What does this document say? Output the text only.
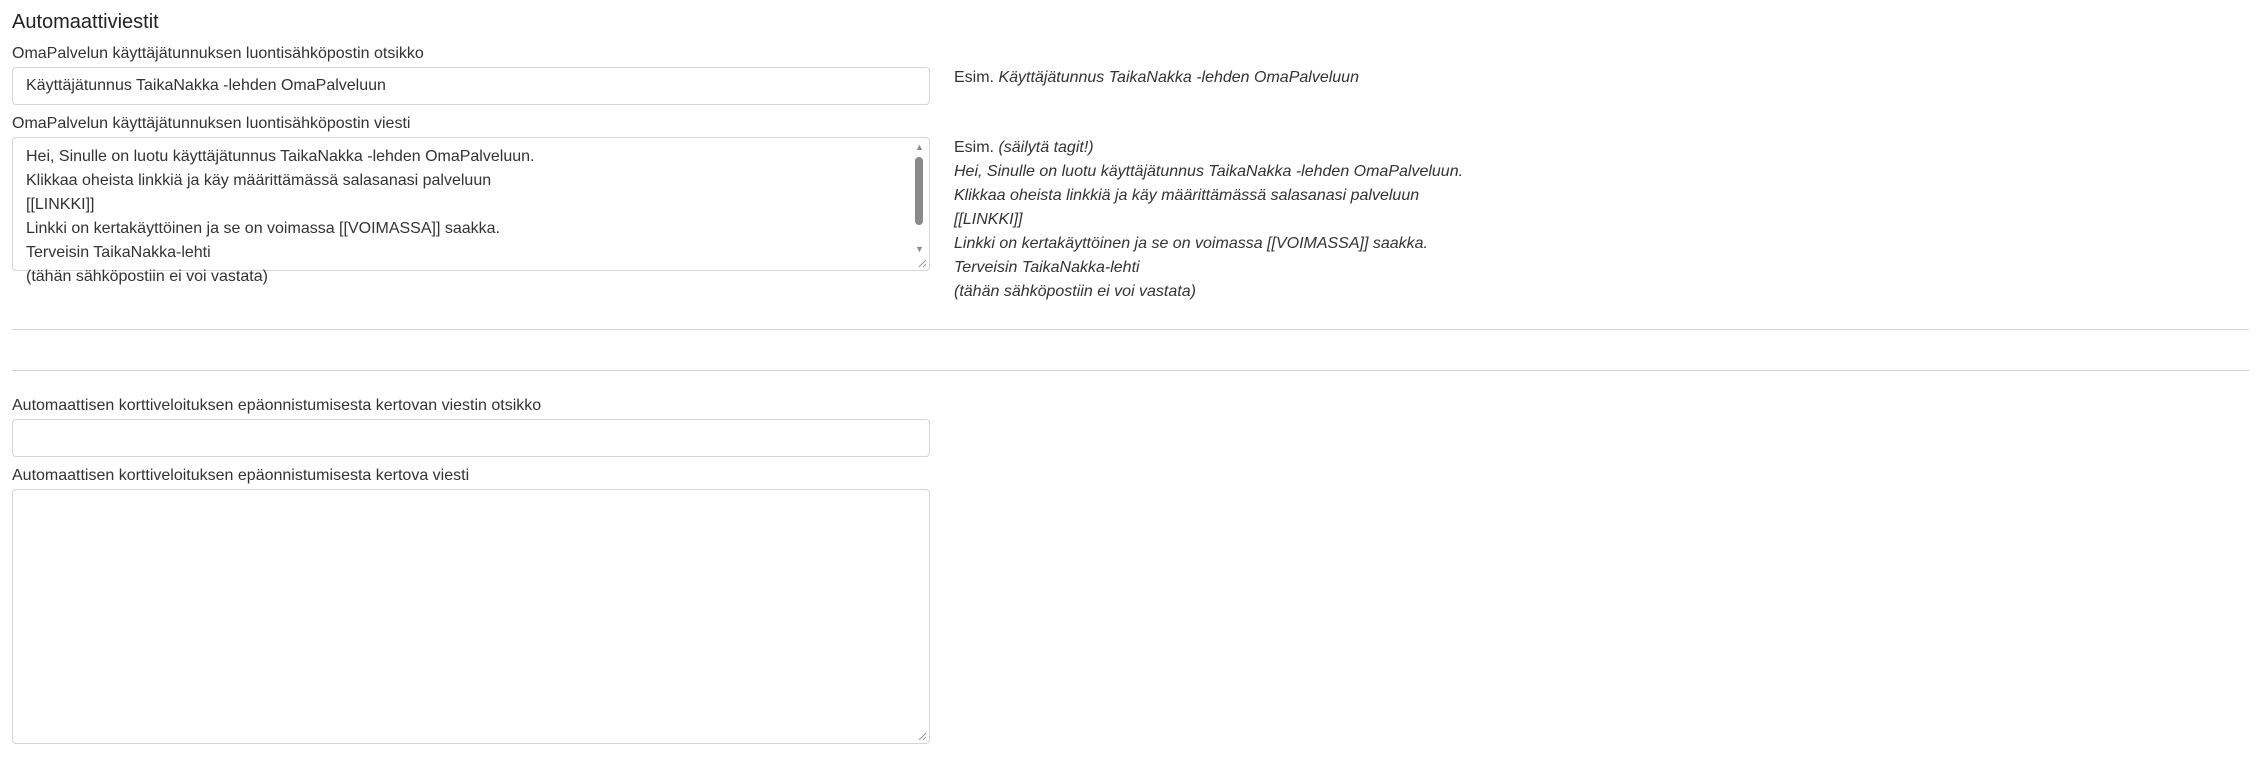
Automaattiviestit
OmaPalvelun käyttäjätunnuksen luontisähköpostin otsikko
Käyttäjätunnus TaikaNakka -lehden OmaPalveluun	Esim. Käyttäjätunnus TaikaNakka -lehden OmaPalveluun
OmaPalvelun käyttäjätunnuksen luontisähköpostin viesti
Hei, Sinulle on luotu käyttäjätunnus TaikaNakka -lehden OmaPalveluun.
Klikkaa oheista linkkiä ja käy määrittämässä salasanasi palveluun
[[LINKKI]]
Linkki on kertakäyttöinen ja se on voimassa [[VOIMASSA]] saakka.
Terveisin TaikaNakka-lehti
(tähän sähköpostiin ei voi vastata)
▲
▼
Esim. (säilytä tagit!)
Hei, Sinulle on luotu käyttäjätunnus TaikaNakka -lehden OmaPalveluun.
Klikkaa oheista linkkiä ja käy määrittämässä salasanasi palveluun
[[LINKKI]]
Linkki on kertakäyttöinen ja se on voimassa [[VOIMASSA]] saakka.
Terveisin TaikaNakka-lehti
(tähän sähköpostiin ei voi vastata)
Automaattisen korttiveloituksen epäonnistumisesta kertovan viestin otsikko
Automaattisen korttiveloituksen epäonnistumisesta kertova viesti
